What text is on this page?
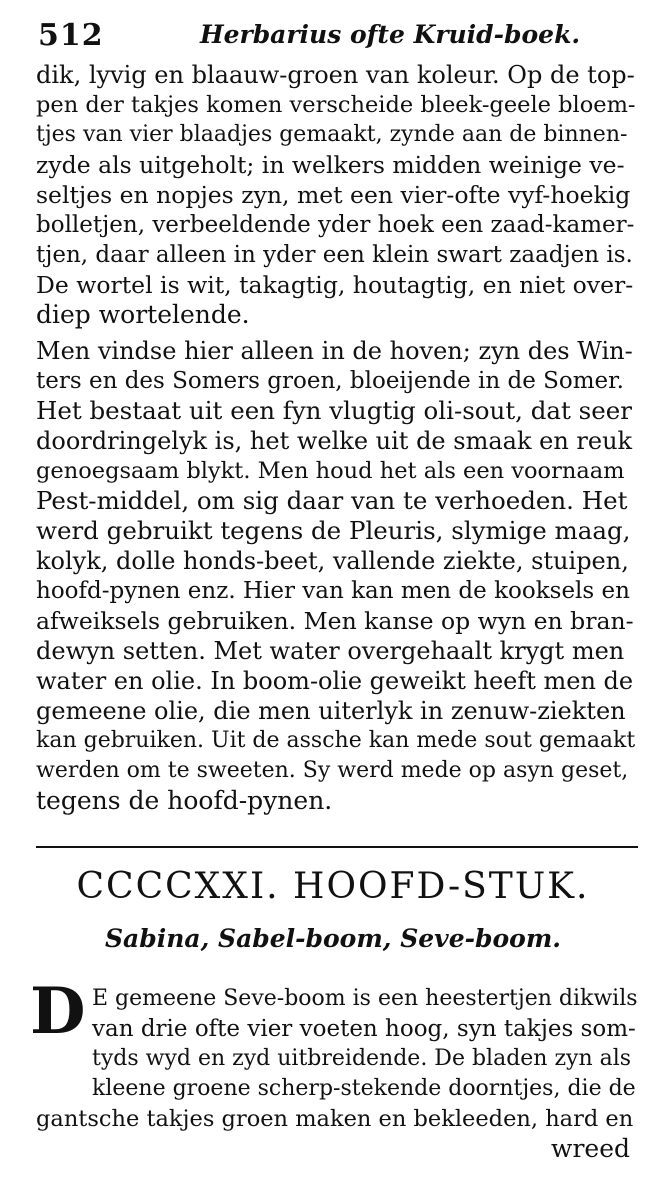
512	Herbarius ofte Kruid-boek.
dik, lyvig en blaauw-groen van koleur. Op de top-
pen der takjes komen verscheide bleek-geele bloem-
tjes van vier blaadjes gemaakt, zynde aan de binnen-
zyde als uitgeholt; in welkers midden weinige ve-
seltjes en nopjes zyn, met een vier-ofte vyf-hoekig
bolletjen, verbeeldende yder hoek een zaad-kamer-
tjen, daar alleen in yder een klein swart zaadjen is.
De wortel is wit, takagtig, houtagtig, en niet over-
diep wortelende.
Men vindse hier alleen in de hoven; zyn des Win-
ters en des Somers groen, bloeijende in de Somer.
Het bestaat uit een fyn vlugtig oli-sout, dat seer
doordringelyk is, het welke uit de smaak en reuk
genoegsaam blykt. Men houd het als een voornaam
Pest-middel, om sig daar van te verhoeden. Het
werd gebruikt tegens de Pleuris, slymige maag,
kolyk, dolle honds-beet, vallende ziekte, stuipen,
hoofd-pynen enz. Hier van kan men de kooksels en
afweiksels gebruiken. Men kanse op wyn en bran-
dewyn setten. Met water overgehaalt krygt men
water en olie. In boom-olie geweikt heeft men de
gemeene olie, die men uiterlyk in zenuw-ziekten
kan gebruiken. Uit de assche kan mede sout gemaakt
werden om te sweeten. Sy werd mede op asyn geset,
tegens de hoofd-pynen.
CCCCXXI. HOOFD-STUK.
Sabina, Sabel-boom, Seve-boom.
D E gemeene Seve-boom is een heestertjen dikwils
van drie ofte vier voeten hoog, syn takjes som-
tyds wyd en zyd uitbreidende. De bladen zyn als
kleene groene scherp-stekende doorntjes, die de
gantsche takjes groen maken en bekleeden, hard en
wreed
